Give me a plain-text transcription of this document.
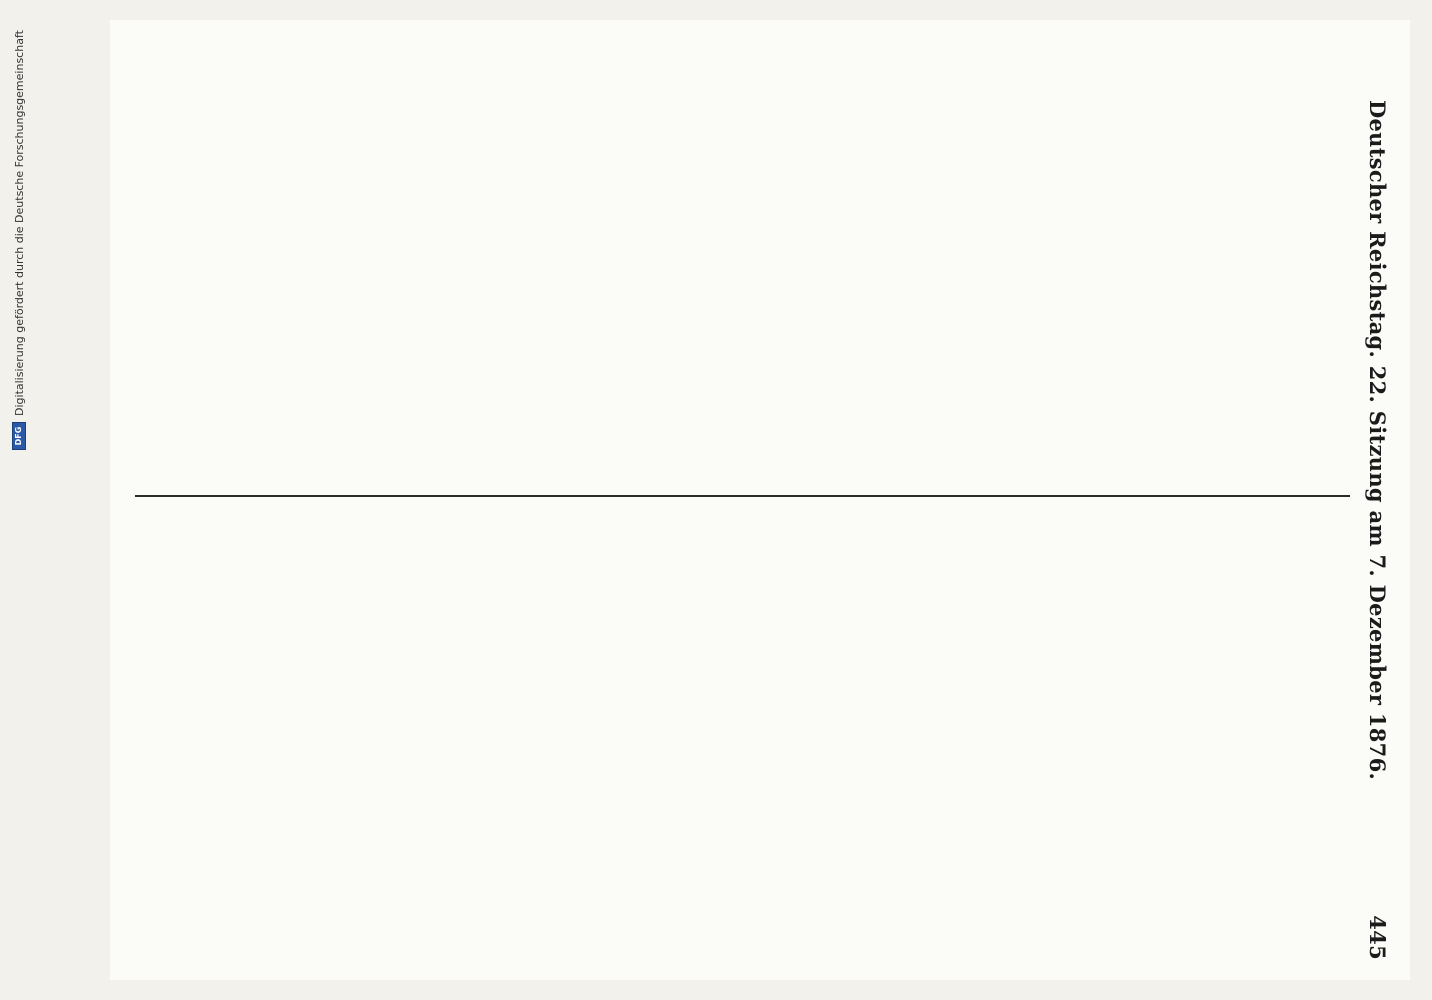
DFG
Digitalisierung gefördert durch die Deutsche Forschungsgemeinschaft	Deutscher Reichstag. 22. Sitzung am 7. Dezember 1876.
445
